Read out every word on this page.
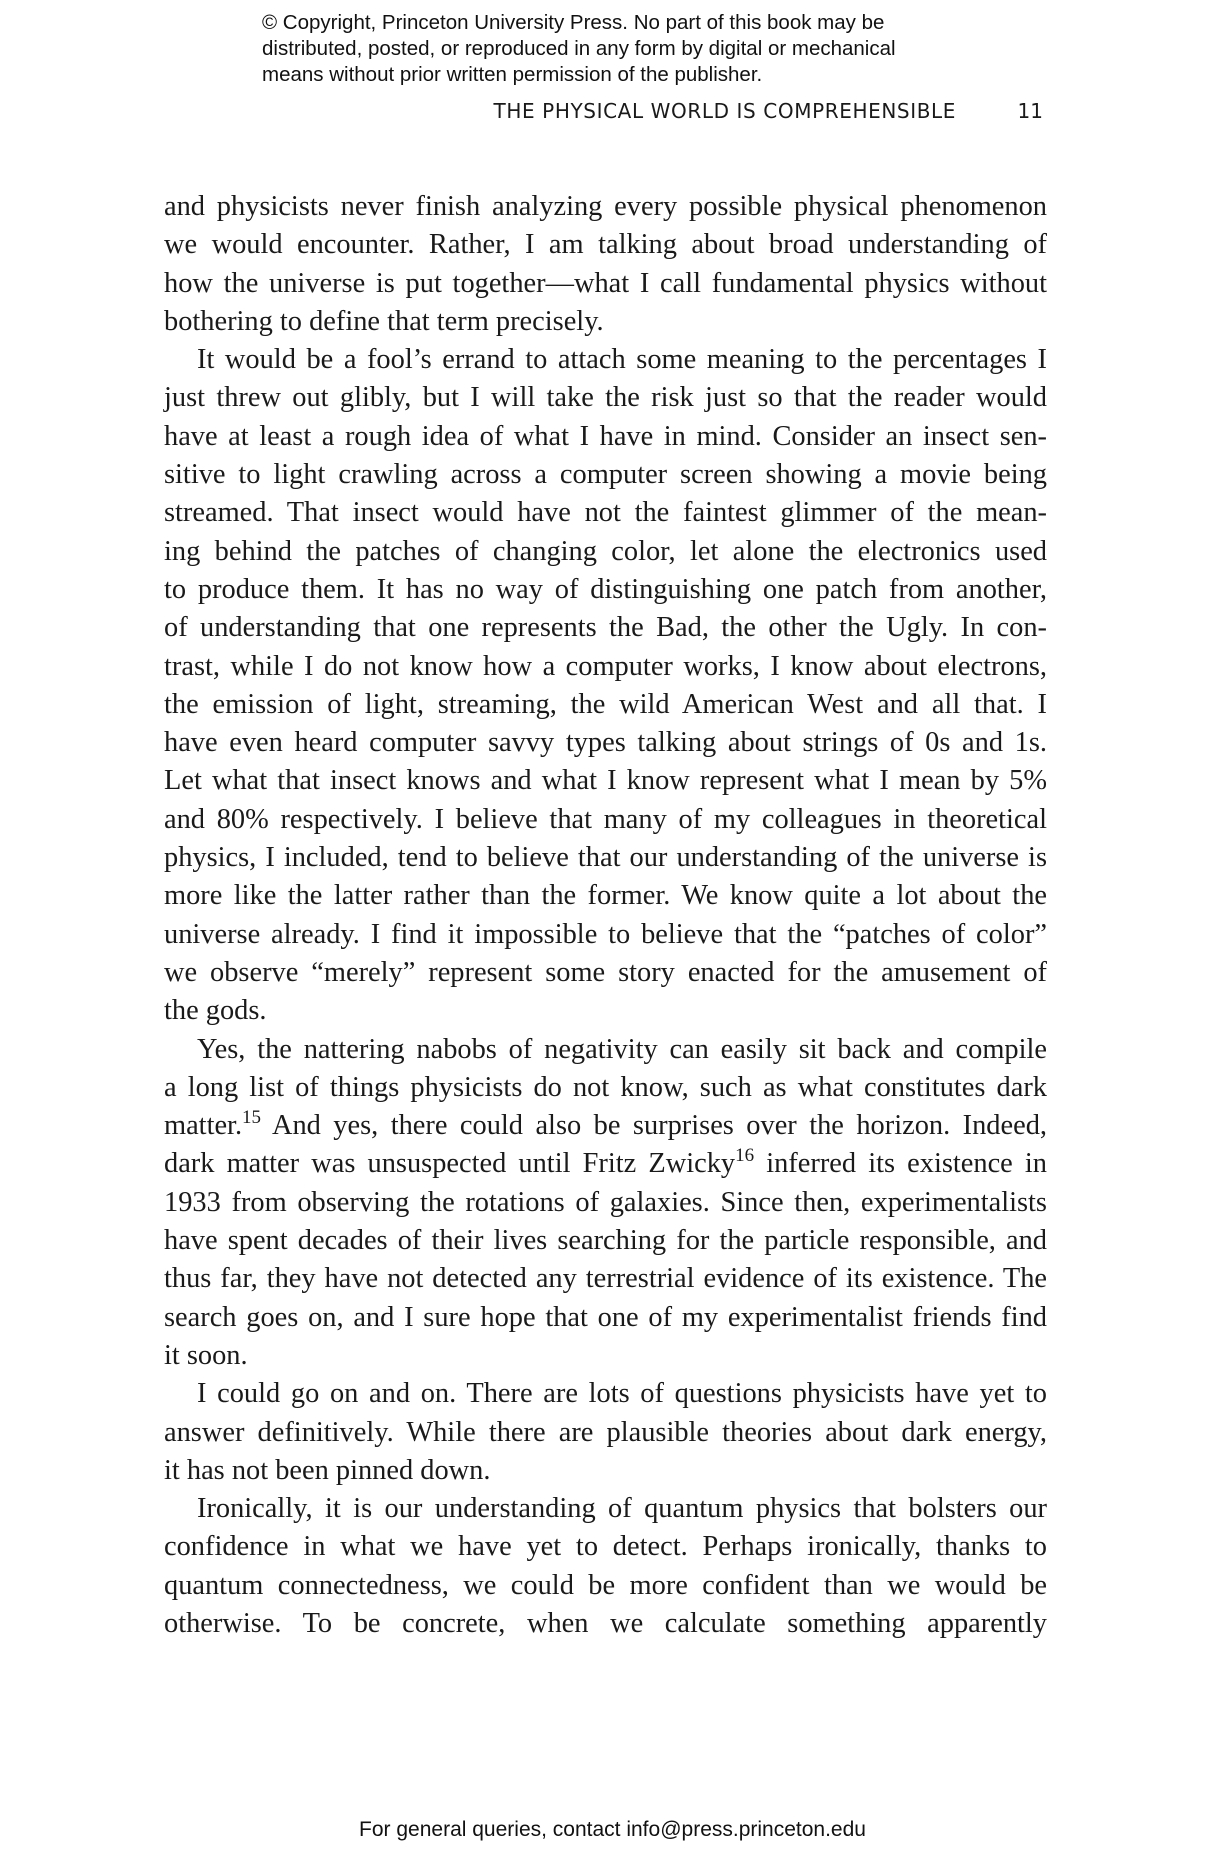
© Copyright, Princeton University Press. No part of this book may be
distributed, posted, or reproduced in any form by digital or mechanical
means without prior written permission of the publisher.
THE PHYSICAL WORLD IS COMPREHENSIBLE	11

and physicists never finish analyzing every possible physical phenomenon
we would encounter. Rather, I am talking about broad understanding of
how the universe is put together—what I call fundamental physics without
bothering to define that term precisely.

It would be a fool’s errand to attach some meaning to the percentages I
just threw out glibly, but I will take the risk just so that the reader would
have at least a rough idea of what I have in mind. Consider an insect sen-
sitive to light crawling across a computer screen showing a movie being
streamed. That insect would have not the faintest glimmer of the mean-
ing behind the patches of changing color, let alone the electronics used
to produce them. It has no way of distinguishing one patch from another,
of understanding that one represents the Bad, the other the Ugly. In con-
trast, while I do not know how a computer works, I know about electrons,
the emission of light, streaming, the wild American West and all that. I
have even heard computer savvy types talking about strings of 0s and 1s.
Let what that insect knows and what I know represent what I mean by 5%
and 80% respectively. I believe that many of my colleagues in theoretical
physics, I included, tend to believe that our understanding of the universe is
more like the latter rather than the former. We know quite a lot about the
universe already. I find it impossible to believe that the “patches of color”
we observe “merely” represent some story enacted for the amusement of
the gods.

Yes, the nattering nabobs of negativity can easily sit back and compile
a long list of things physicists do not know, such as what constitutes dark
matter.$^{15}$ And yes, there could also be surprises over the horizon. Indeed,
dark matter was unsuspected until Fritz Zwicky$^{16}$ inferred its existence in
1933 from observing the rotations of galaxies. Since then, experimentalists
have spent decades of their lives searching for the particle responsible, and
thus far, they have not detected any terrestrial evidence of its existence. The
search goes on, and I sure hope that one of my experimentalist friends find
it soon.

I could go on and on. There are lots of questions physicists have yet to
answer definitively. While there are plausible theories about dark energy,
it has not been pinned down.

Ironically, it is our understanding of quantum physics that bolsters our
confidence in what we have yet to detect. Perhaps ironically, thanks to
quantum connectedness, we could be more confident than we would be
otherwise. To be concrete, when we calculate something apparently

For general queries, contact info@press.princeton.edu
